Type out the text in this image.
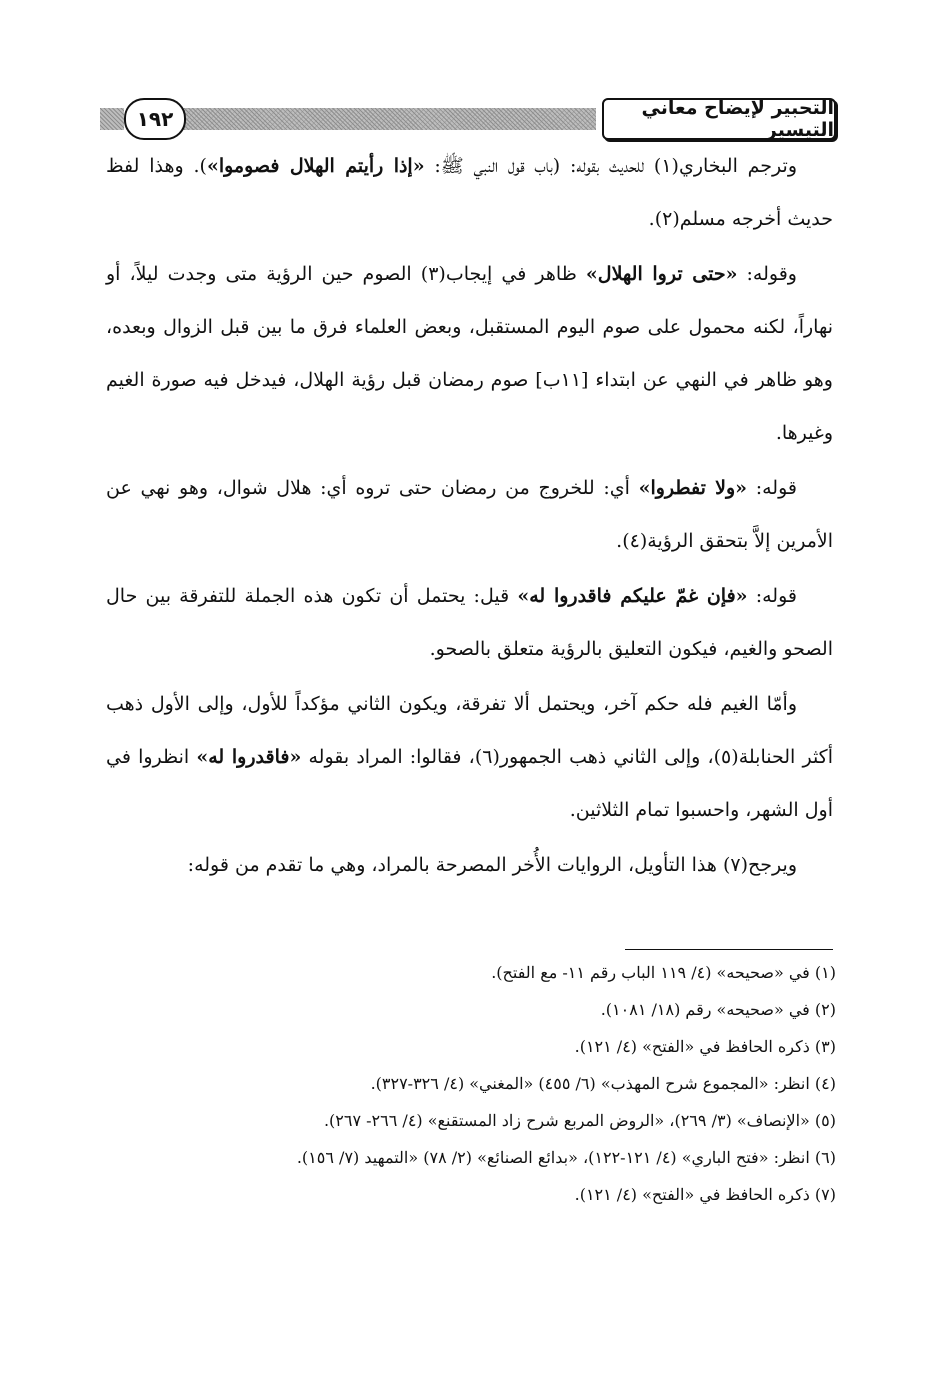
التحبير لإيضاح معاني التيسير
١٩٢

وترجم البخاري(١) للحديث بقوله: (باب قول النبي ﷺ: «إذا رأيتم الهلال فصوموا»). وهذا لفظ حديث أخرجه مسلم(٢).

وقوله: «حتى تروا الهلال» ظاهر في إيجاب(٣) الصوم حين الرؤية متى وجدت ليلاً، أو نهاراً، لكنه محمول على صوم اليوم المستقبل، وبعض العلماء فرق ما بين قبل الزوال وبعده، وهو ظاهر في النهي عن ابتداء [١١ب] صوم رمضان قبل رؤية الهلال، فيدخل فيه صورة الغيم وغيرها.

قوله: «ولا تفطروا» أي: للخروج من رمضان حتى تروه أي: هلال شوال، وهو نهي عن الأمرين إلاَّ بتحقق الرؤية(٤).

قوله: «فإن غمّ عليكم فاقدروا له» قيل: يحتمل أن تكون هذه الجملة للتفرقة بين حال الصحو والغيم، فيكون التعليق بالرؤية متعلق بالصحو.

وأمّا الغيم فله حكم آخر، ويحتمل ألا تفرقة، ويكون الثاني مؤكداً للأول، وإلى الأول ذهب أكثر الحنابلة(٥)، وإلى الثاني ذهب الجمهور(٦)، فقالوا: المراد بقوله «فاقدروا له» انظروا في أول الشهر، واحسبوا تمام الثلاثين.

ويرجح(٧) هذا التأويل، الروايات الأُخر المصرحة بالمراد، وهي ما تقدم من قوله:

(١) في «صحيحه» (٤/ ١١٩ الباب رقم ١١- مع الفتح).

(٢) في «صحيحه» رقم (١٨/ ١٠٨١).

(٣) ذكره الحافظ في «الفتح» (٤/ ١٢١).

(٤) انظر: «المجموع شرح المهذب» (٦/ ٤٥٥) «المغني» (٤/ ٣٢٦-٣٢٧).

(٥) «الإنصاف» (٣/ ٢٦٩)، «الروض المربع شرح زاد المستقنع» (٤/ ٢٦٦- ٢٦٧).

(٦) انظر: «فتح الباري» (٤/ ١٢١-١٢٢)، «بدائع الصنائع» (٢/ ٧٨) «التمهيد (٧/ ١٥٦).

(٧) ذكره الحافظ في «الفتح» (٤/ ١٢١).
